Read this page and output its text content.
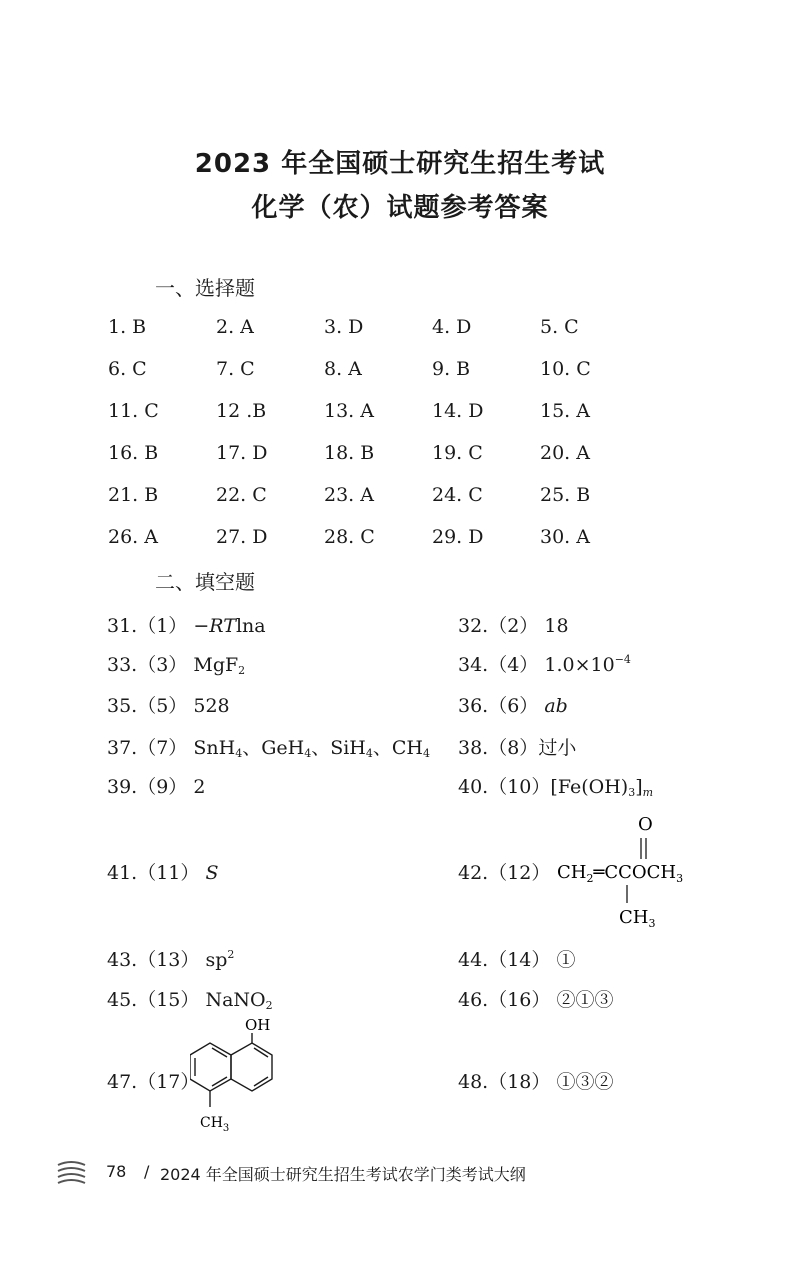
2023 年全国硕士研究生招生考试
化学（农）试题参考答案
一、选择题
1. B	2. A	3. D	4. D	5. C
6. C	7. C	8. A	9. B	10. C
11. C	12 .B	13. A	14. D	15. A
16. B	17. D	18. B	19. C	20. A
21. B	22. C	23. A	24. C	25. B
26. A	27. D	28. C	29. D	30. A
二、填空题
31.（1） −RTlna	32.（2） 18
33.（3） MgF$_2$	34.（4） $1.0\times 10^{-4}$
35.（5） 528	36.（6） ab
37.（7） SnH$_4$、GeH$_4$、SiH$_4$、$CH_4$ 38.（8）过小
39.（9） 2	$40.(10)[Fe(OH)_3]_m$
41.（11） S	42.（12）
O
$CH_2═CCOCH_3$
$CH_3$
43.（13） $sp^2$	44.（14） ①
45.（15） NaNO$_2$	46.（16） ②①③
47.（17）
OH
$CH_3$
48.（18） ①③②
78 / 2024 年全国硕士研究生招生考试农学门类考试大纲
